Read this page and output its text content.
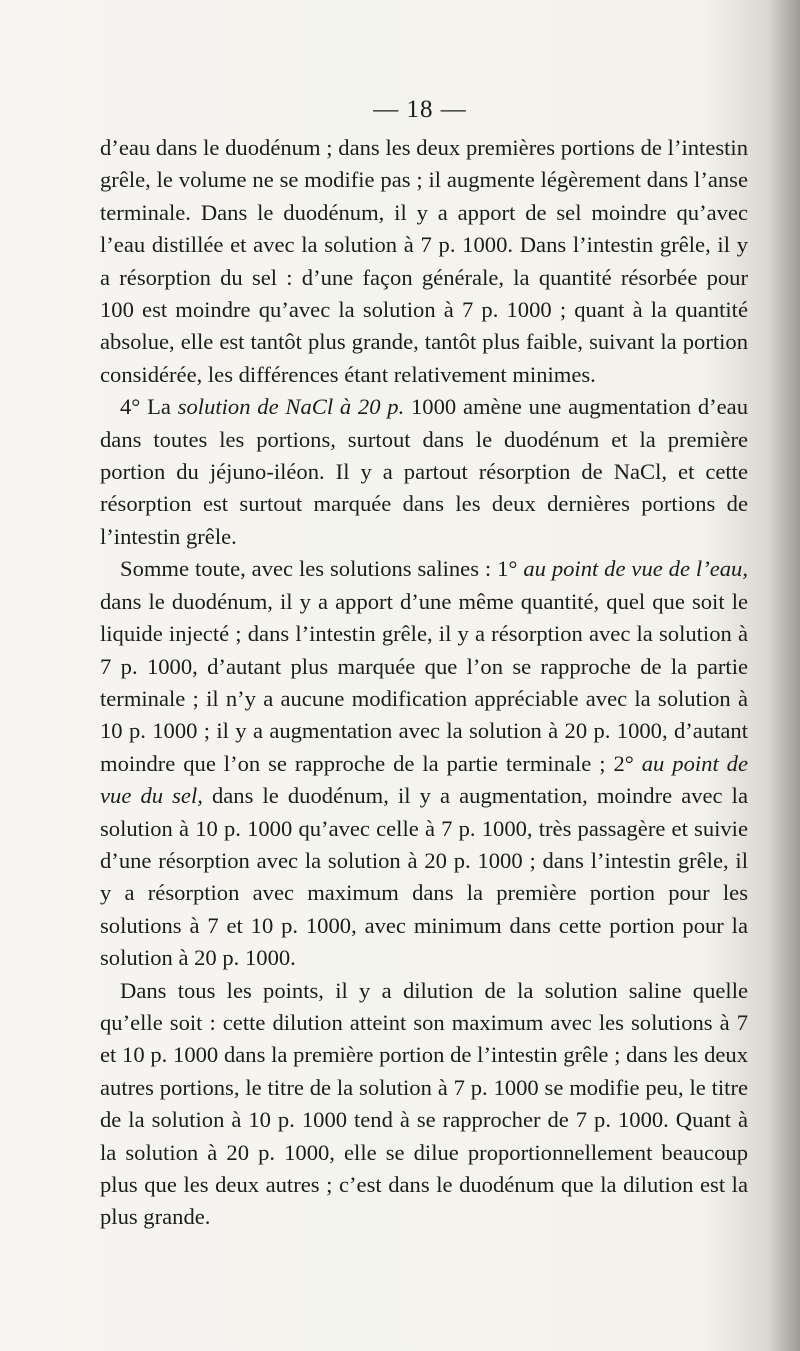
— 18 —

d’eau dans le duodénum ; dans les deux premières portions de l’intestin grêle, le volume ne se modifie pas ; il augmente légèrement dans l’anse terminale. Dans le duodénum, il y a apport de sel moindre qu’avec l’eau distillée et avec la solution à 7 p. 1000. Dans l’intestin grêle, il y a résorption du sel : d’une façon générale, la quantité résorbée pour 100 est moindre qu’avec la solution à 7 p. 1000 ; quant à la quantité absolue, elle est tantôt plus grande, tantôt plus faible, suivant la portion considérée, les différences étant relativement minimes.

4° La solution de NaCl à 20 p. 1000 amène une augmentation d’eau dans toutes les portions, surtout dans le duodénum et la première portion du jéjuno-iléon. Il y a partout résorption de NaCl, et cette résorption est surtout marquée dans les deux dernières portions de l’intestin grêle.

Somme toute, avec les solutions salines : 1° au point de vue de l’eau, dans le duodénum, il y a apport d’une même quantité, quel que soit le liquide injecté ; dans l’intestin grêle, il y a résorption avec la solution à 7 p. 1000, d’autant plus marquée que l’on se rapproche de la partie terminale ; il n’y a aucune modification appréciable avec la solution à 10 p. 1000 ; il y a augmentation avec la solution à 20 p. 1000, d’autant moindre que l’on se rapproche de la partie terminale ; 2° au point de vue du sel, dans le duodénum, il y a augmentation, moindre avec la solution à 10 p. 1000 qu’avec celle à 7 p. 1000, très passagère et suivie d’une résorption avec la solution à 20 p. 1000 ; dans l’intestin grêle, il y a résorption avec maximum dans la première portion pour les solutions à 7 et 10 p. 1000, avec minimum dans cette portion pour la solution à 20 p. 1000.

Dans tous les points, il y a dilution de la solution saline quelle qu’elle soit : cette dilution atteint son maximum avec les solutions à 7 et 10 p. 1000 dans la première portion de l’intestin grêle ; dans les deux autres portions, le titre de la solution à 7 p. 1000 se modifie peu, le titre de la solution à 10 p. 1000 tend à se rapprocher de 7 p. 1000. Quant à la solution à 20 p. 1000, elle se dilue proportionnellement beaucoup plus que les deux autres ; c’est dans le duodénum que la dilution est la plus grande.
